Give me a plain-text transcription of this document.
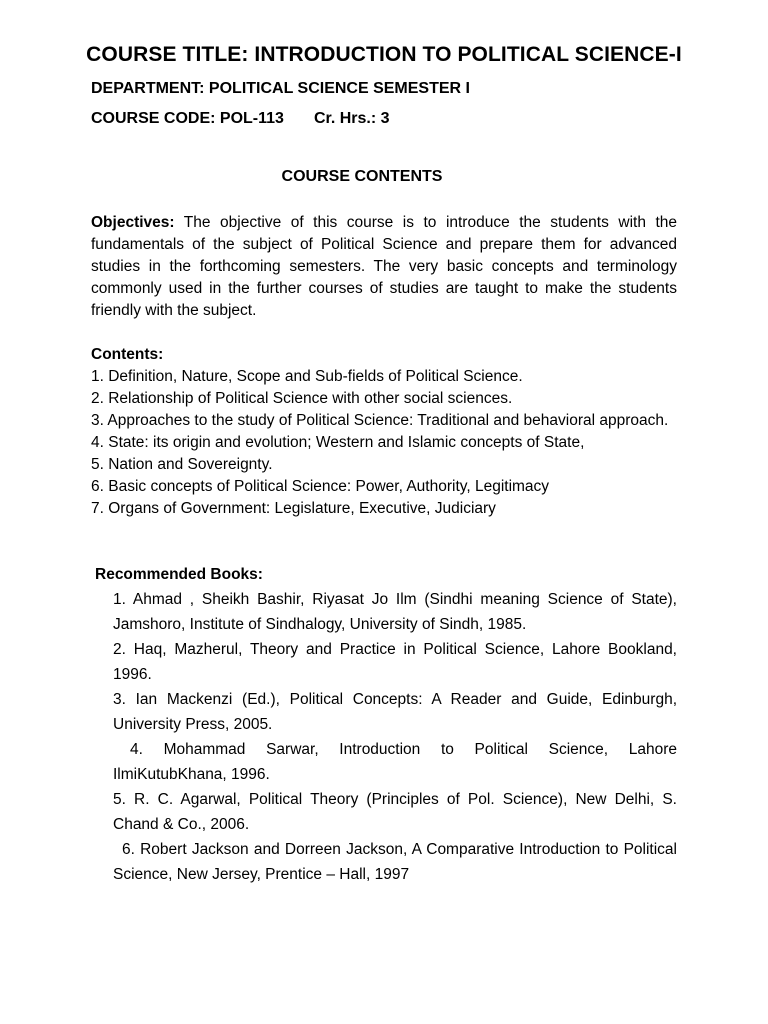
COURSE TITLE: INTRODUCTION TO POLITICAL SCIENCE-I
DEPARTMENT: POLITICAL SCIENCE SEMESTER I
COURSE CODE: POL-113 Cr. Hrs.: 3
COURSE CONTENTS
Objectives: The objective of this course is to introduce the students with the fundamentals of the subject of Political Science and prepare them for advanced studies in the forthcoming semesters. The very basic concepts and terminology commonly used in the further courses of studies are taught to make the students friendly with the subject.
Contents:
1. Definition, Nature, Scope and Sub-fields of Political Science.
2. Relationship of Political Science with other social sciences.
3. Approaches to the study of Political Science: Traditional and behavioral approach.
4. State: its origin and evolution; Western and Islamic concepts of State,
5. Nation and Sovereignty.
6. Basic concepts of Political Science: Power, Authority, Legitimacy
7. Organs of Government: Legislature, Executive, Judiciary
Recommended Books:

1. Ahmad , Sheikh Bashir, Riyasat Jo Ilm (Sindhi meaning Science of State), Jamshoro, Institute of Sindhalogy, University of Sindh, 1985.

2. Haq, Mazherul, Theory and Practice in Political Science, Lahore Bookland, 1996.

3. Ian Mackenzi (Ed.), Political Concepts: A Reader and Guide, Edinburgh, University Press, 2005.

4. Mohammad Sarwar, Introduction to Political Science, Lahore IlmiKutubKhana, 1996.

5. R. C. Agarwal, Political Theory (Principles of Pol. Science), New Delhi, S. Chand & Co., 2006.

6. Robert Jackson and Dorreen Jackson, A Comparative Introduction to Political Science, New Jersey, Prentice – Hall, 1997
